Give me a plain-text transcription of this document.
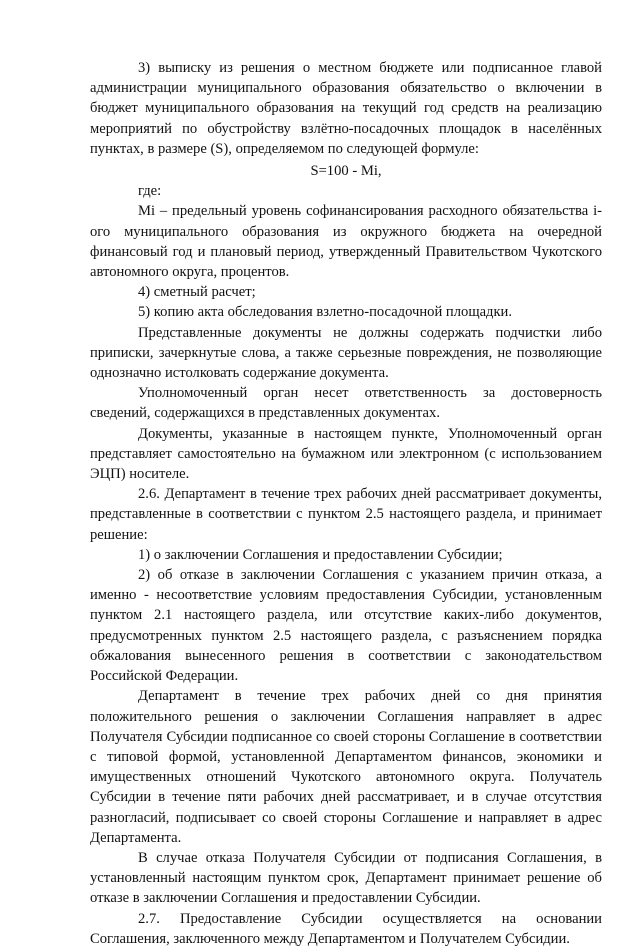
3) выписку из решения о местном бюджете или подписанное главой администрации муниципального образования обязательство о включении в бюджет муниципального образования на текущий год средств на реализацию мероприятий по обустройству взлётно-посадочных площадок в населённых пунктах, в размере (S), определяемом по следующей формуле:

S=100 - Mi,

где:

Mi – предельный уровень софинансирования расходного обязательства i-ого муниципального образования из окружного бюджета на очередной финансовый год и плановый период, утвержденный Правительством Чукотского автономного округа, процентов.

4) сметный расчет;

5) копию акта обследования взлетно-посадочной площадки.

Представленные документы не должны содержать подчистки либо приписки, зачеркнутые слова, а также серьезные повреждения, не позволяющие однозначно истолковать содержание документа.

Уполномоченный орган несет ответственность за достоверность сведений, содержащихся в представленных документах.

Документы, указанные в настоящем пункте, Уполномоченный орган представляет самостоятельно на бумажном или электронном (с использованием ЭЦП) носителе.

2.6. Департамент в течение трех рабочих дней рассматривает документы, представленные в соответствии с пунктом 2.5 настоящего раздела, и принимает решение:

1) о заключении Соглашения и предоставлении Субсидии;

2) об отказе в заключении Соглашения с указанием причин отказа, а именно - несоответствие условиям предоставления Субсидии, установленным пунктом 2.1 настоящего раздела, или отсутствие каких-либо документов, предусмотренных пунктом 2.5 настоящего раздела, с разъяснением порядка обжалования вынесенного решения в соответствии с законодательством Российской Федерации.

Департамент в течение трех рабочих дней со дня принятия положительного решения о заключении Соглашения направляет в адрес Получателя Субсидии подписанное со своей стороны Соглашение в соответствии с типовой формой, установленной Департаментом финансов, экономики и имущественных отношений Чукотского автономного округа. Получатель Субсидии в течение пяти рабочих дней рассматривает, и в случае отсутствия разногласий, подписывает со своей стороны Соглашение и направляет в адрес Департамента.

В случае отказа Получателя Субсидии от подписания Соглашения, в установленный настоящим пунктом срок, Департамент принимает решение об отказе в заключении Соглашения и предоставлении Субсидии.

2.7. Предоставление Субсидии осуществляется на основании Соглашения, заключенного между Департаментом и Получателем Субсидии.
